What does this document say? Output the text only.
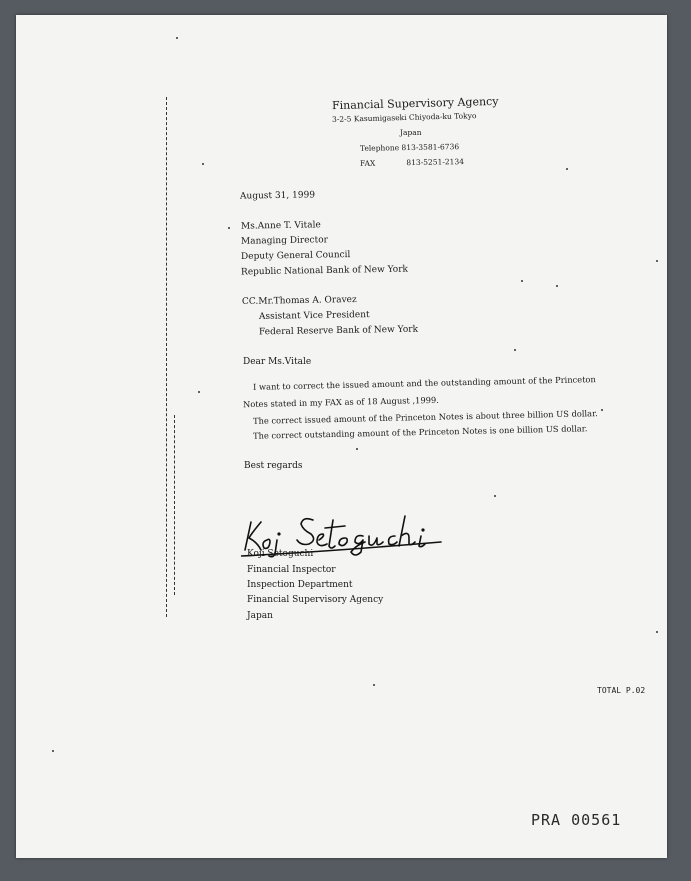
Financial Supervisory Agency
3-2-5 Kasumigaseki Chiyoda-ku Tokyo
Japan
Telephone 813-3581-6736
FAX	813-5251-2134
August 31, 1999
Ms.Anne T. Vitale
Managing Director
Deputy General Council
Republic National Bank of New York
CC.Mr.Thomas A. Oravez
Assistant Vice President
Federal Reserve Bank of New York
Dear Ms.Vitale
I want to correct the issued amount and the outstanding amount of the Princeton
Notes stated in my FAX as of 18 August ,1999.
The correct issued amount of the Princeton Notes is about three billion US dollar.
The correct outstanding amount of the Princeton Notes is one billion US dollar.
Best regards
Koji Setoguchi
Financial Inspector
Inspection Department
Financial Supervisory Agency
Japan
TOTAL P.02
PRA 00561
